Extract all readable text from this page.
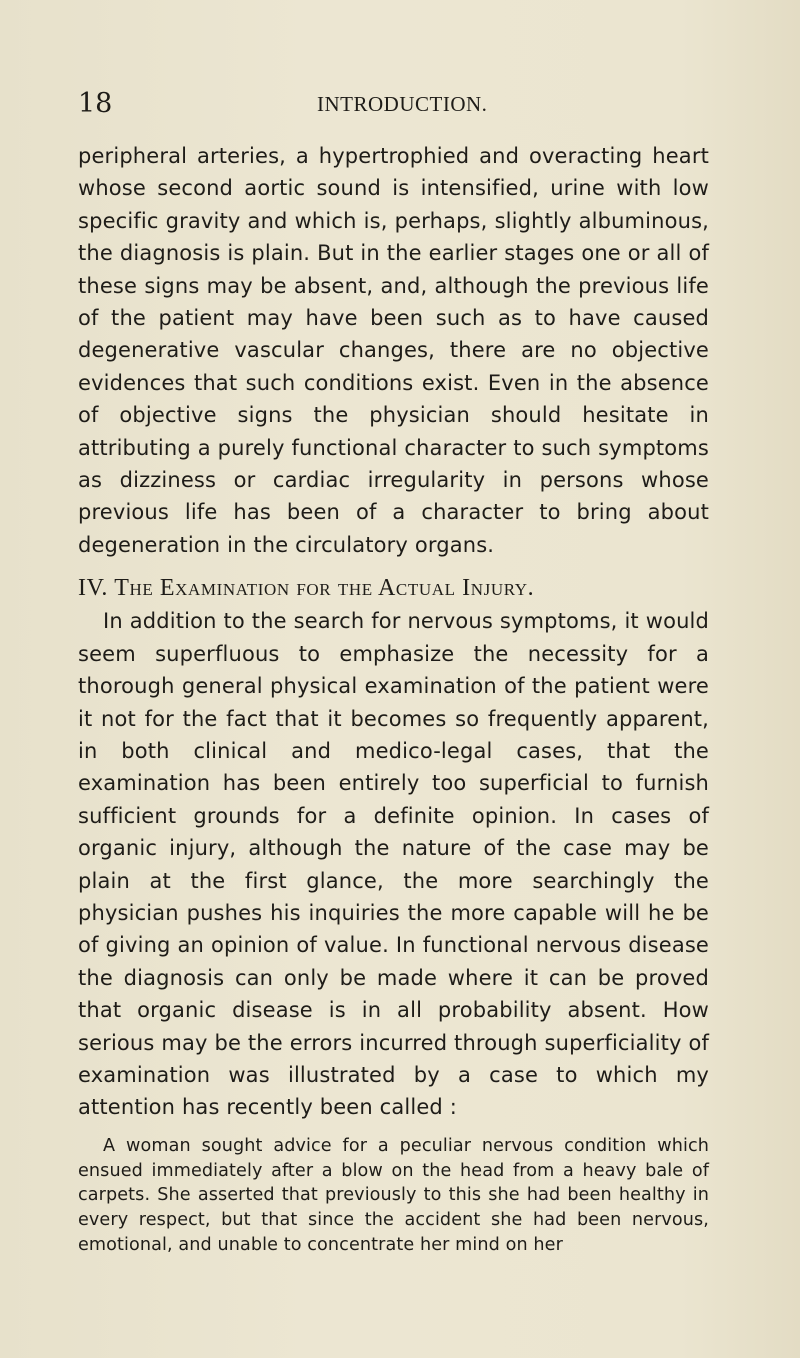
18	INTRODUCTION.

peripheral arteries, a hypertrophied and overacting heart whose second aortic sound is intensified, urine with low specific gravity and which is, perhaps, slightly albuminous, the diagnosis is plain. But in the earlier stages one or all of these signs may be absent, and, although the previous life of the patient may have been such as to have caused degenerative vascular changes, there are no objective evidences that such conditions exist. Even in the absence of objective signs the physician should hesitate in attributing a purely functional character to such symptoms as dizziness or cardiac irregularity in persons whose previous life has been of a character to bring about degeneration in the circulatory organs.

IV. The Examination for the Actual Injury.

In addition to the search for nervous symptoms, it would seem superfluous to emphasize the necessity for a thorough general physical examination of the patient were it not for the fact that it becomes so frequently apparent, in both clinical and medico-legal cases, that the examination has been entirely too superficial to furnish sufficient grounds for a definite opinion. In cases of organic injury, although the nature of the case may be plain at the first glance, the more searchingly the physician pushes his inquiries the more capable will he be of giving an opinion of value. In functional nervous disease the diagnosis can only be made where it can be proved that organic disease is in all probability absent. How serious may be the errors incurred through superficiality of examination was illustrated by a case to which my attention has recently been called :

A woman sought advice for a peculiar nervous condition which ensued immediately after a blow on the head from a heavy bale of carpets. She asserted that previously to this she had been healthy in every respect, but that since the accident she had been nervous, emotional, and unable to concentrate her mind on her
